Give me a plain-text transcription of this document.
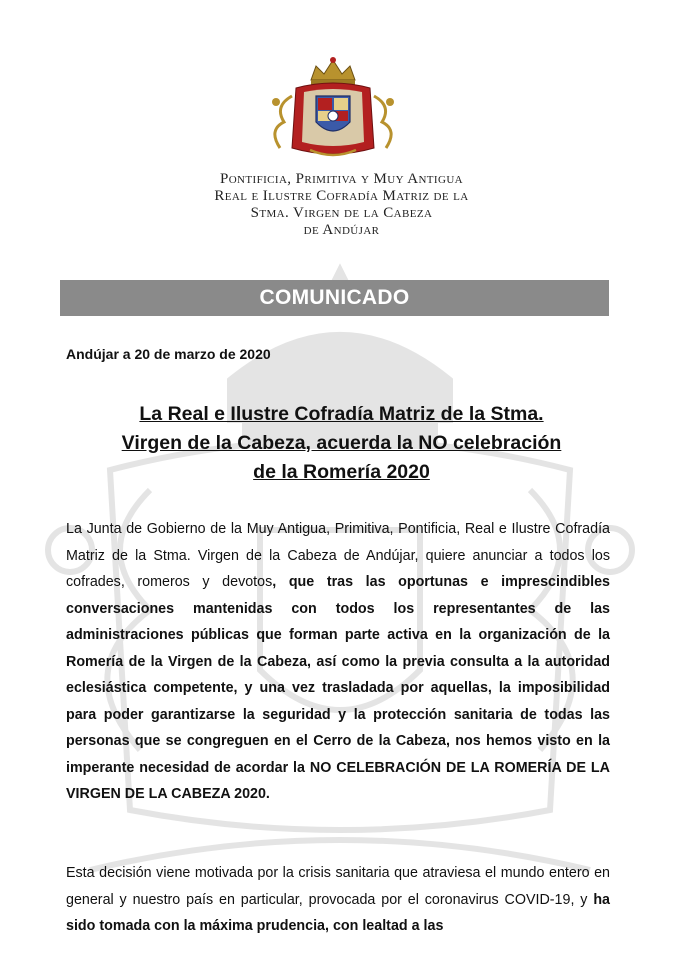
Pontificia, Primitiva y Muy Antigua
Real e Ilustre Cofradía Matriz de la
Stma. Virgen de la Cabeza
de Andújar
COMUNICADO
Andújar a 20 de marzo de 2020
La Real e Ilustre Cofradía Matriz de la Stma.
Virgen de la Cabeza, acuerda la NO celebración
de la Romería 2020

La Junta de Gobierno de la Muy Antigua, Primitiva, Pontificia, Real e Ilustre Cofradía Matriz de la Stma. Virgen de la Cabeza de Andújar, quiere anunciar a todos los cofrades, romeros y devotos, que tras las oportunas e imprescindibles conversaciones mantenidas con todos los representantes de las administraciones públicas que forman parte activa en la organización de la Romería de la Virgen de la Cabeza, así como la previa consulta a la autoridad eclesiástica competente, y una vez trasladada por aquellas, la imposibilidad para poder garantizarse la seguridad y la protección sanitaria de todas las personas que se congreguen en el Cerro de la Cabeza, nos hemos visto en la imperante necesidad de acordar la NO CELEBRACIÓN DE LA ROMERÍA DE LA VIRGEN DE LA CABEZA 2020.

Esta decisión viene motivada por la crisis sanitaria que atraviesa el mundo entero en general y nuestro país en particular, provocada por el coronavirus COVID-19, y ha sido tomada con la máxima prudencia, con lealtad a las
